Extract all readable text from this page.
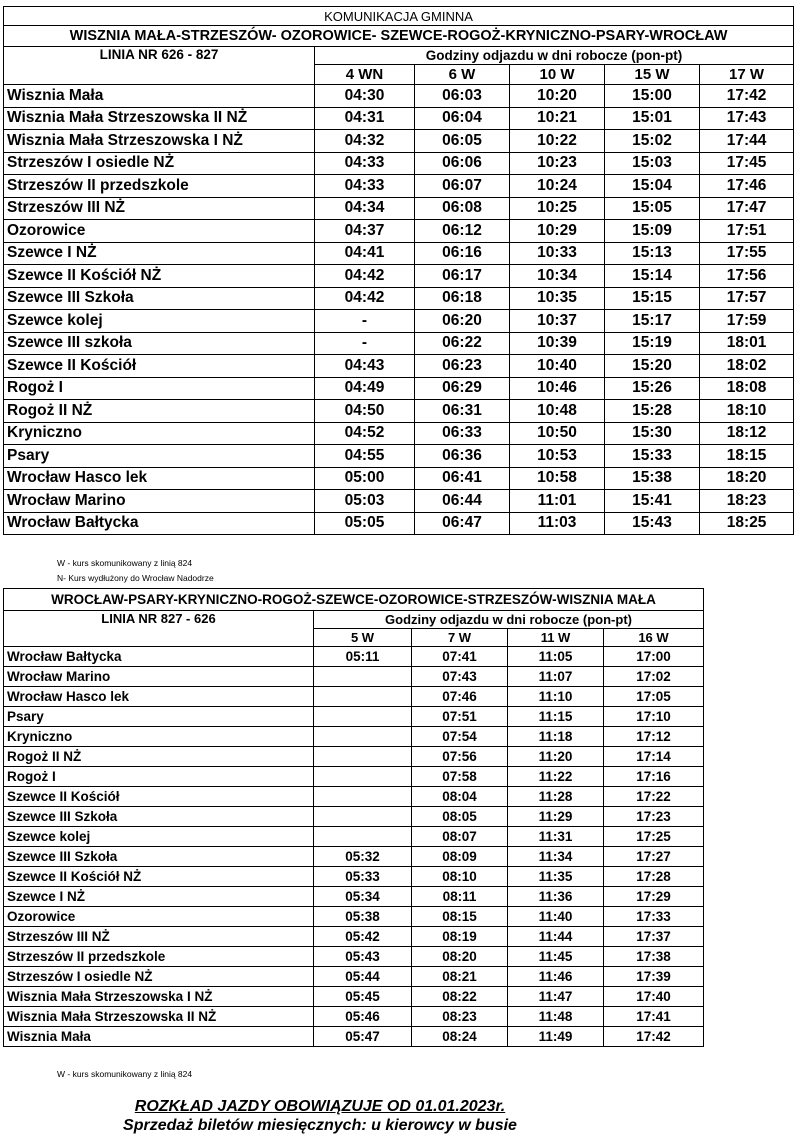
KOMUNIKACJA GMINNA					
WISZNIA MAŁA-STRZESZÓW- OZOROWICE- SZEWCE-ROGOŻ-KRYNICZNO-PSARY-WROCŁAW					
LINIA NR 626 - 827	Godziny odjazdu w dni robocze (pon-pt)				
	4 WN	6 W	10 W	15 W	17 W
Wisznia Mała	04:30	06:03	10:20	15:00	17:42
Wisznia Mała Strzeszowska II NŻ	04:31	06:04	10:21	15:01	17:43
Wisznia Mała Strzeszowska I NŻ	04:32	06:05	10:22	15:02	17:44
Strzeszów I osiedle NŻ	04:33	06:06	10:23	15:03	17:45
Strzeszów II przedszkole	04:33	06:07	10:24	15:04	17:46
Strzeszów III NŻ	04:34	06:08	10:25	15:05	17:47
Ozorowice	04:37	06:12	10:29	15:09	17:51
Szewce I NŻ	04:41	06:16	10:33	15:13	17:55
Szewce II Kościół NŻ	04:42	06:17	10:34	15:14	17:56
Szewce III Szkoła	04:42	06:18	10:35	15:15	17:57
Szewce kolej	-	06:20	10:37	15:17	17:59
Szewce III szkoła	-	06:22	10:39	15:19	18:01
Szewce II Kościół	04:43	06:23	10:40	15:20	18:02
Rogoż I	04:49	06:29	10:46	15:26	18:08
Rogoż II NŻ	04:50	06:31	10:48	15:28	18:10
Kryniczno	04:52	06:33	10:50	15:30	18:12
Psary	04:55	06:36	10:53	15:33	18:15
Wrocław Hasco lek	05:00	06:41	10:58	15:38	18:20
Wrocław Marino	05:03	06:44	11:01	15:41	18:23
Wrocław Bałtycka	05:05	06:47	11:03	15:43	18:25
W - kurs skomunikowany z linią 824
N- Kurs wydłużony do Wrocław Nadodrze
WROCŁAW-PSARY-KRYNICZNO-ROGOŻ-SZEWCE-OZOROWICE-STRZESZÓW-WISZNIA MAŁA				
LINIA NR 827 - 626	Godziny odjazdu w dni robocze (pon-pt)			
	5 W	7 W	11 W	16 W
Wrocław Bałtycka	05:11	07:41	11:05	17:00
Wrocław Marino		07:43	11:07	17:02
Wrocław Hasco lek		07:46	11:10	17:05
Psary		07:51	11:15	17:10
Kryniczno		07:54	11:18	17:12
Rogoż II NŻ		07:56	11:20	17:14
Rogoż I		07:58	11:22	17:16
Szewce II Kościół		08:04	11:28	17:22
Szewce III Szkoła		08:05	11:29	17:23
Szewce kolej		08:07	11:31	17:25
Szewce III Szkoła	05:32	08:09	11:34	17:27
Szewce II Kościół NŻ	05:33	08:10	11:35	17:28
Szewce I NŻ	05:34	08:11	11:36	17:29
Ozorowice	05:38	08:15	11:40	17:33
Strzeszów III NŻ	05:42	08:19	11:44	17:37
Strzeszów II przedszkole	05:43	08:20	11:45	17:38
Strzeszów I osiedle NŻ	05:44	08:21	11:46	17:39
Wisznia Mała Strzeszowska I NŻ	05:45	08:22	11:47	17:40
Wisznia Mała Strzeszowska II NŻ	05:46	08:23	11:48	17:41
Wisznia Mała	05:47	08:24	11:49	17:42
W - kurs skomunikowany z linią 824
ROZKŁAD JAZDY OBOWIĄZUJE OD 01.01.2023r.
Sprzedaż biletów miesięcznych: u kierowcy w busie
